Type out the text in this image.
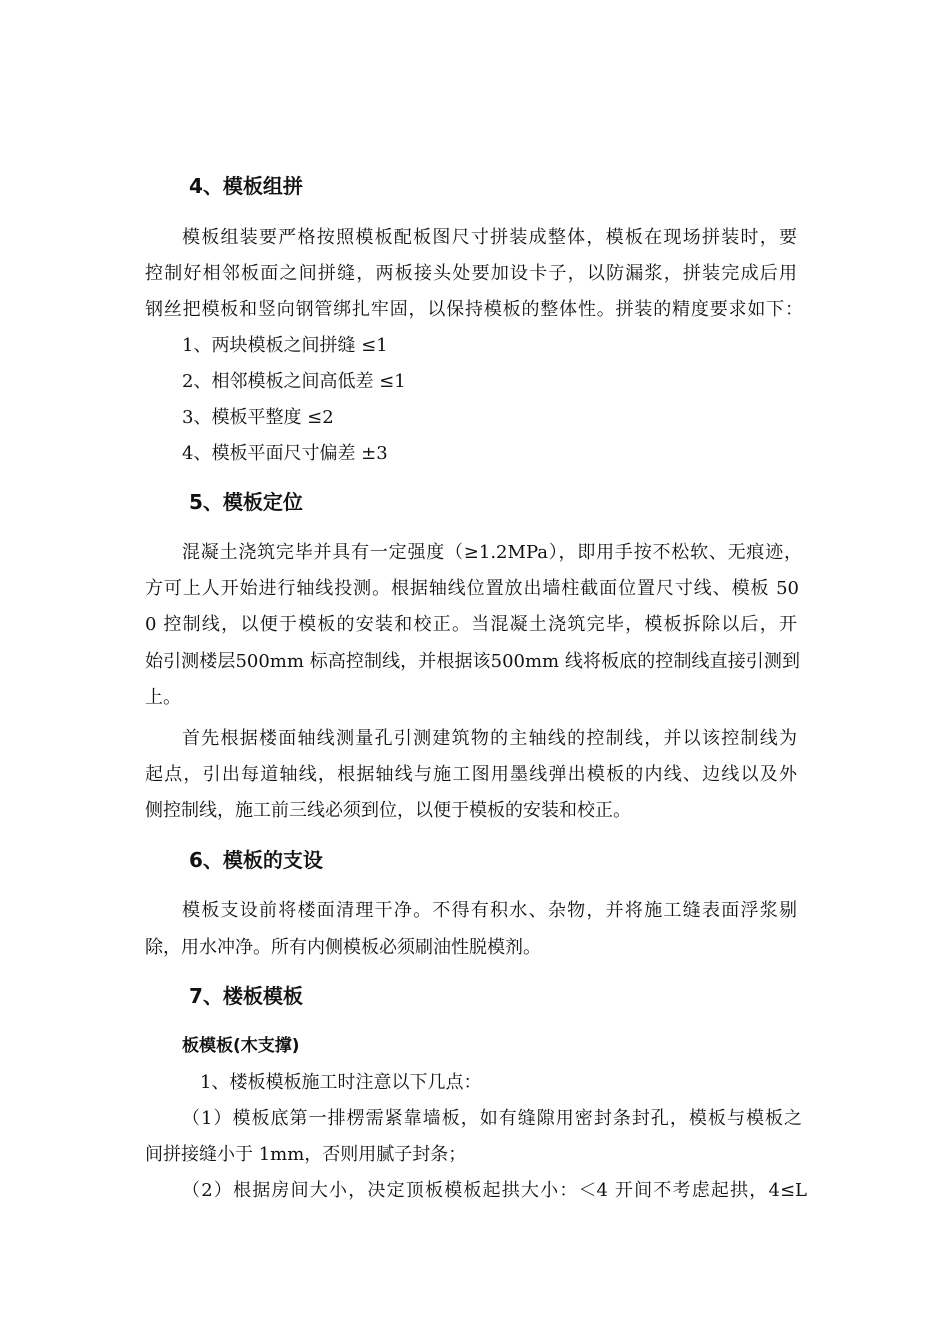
4、模板组拼
模板组装要严格按照模板配板图尺寸拼装成整体，模板在现场拼装时，要
控制好相邻板面之间拼缝，两板接头处要加设卡子，以防漏浆，拼装完成后用
钢丝把模板和竖向钢管绑扎牢固，以保持模板的整体性。拼装的精度要求如下：
1、两块模板之间拼缝 ≤1
2、相邻模板之间高低差 ≤1
3、模板平整度 ≤2
4、模板平面尺寸偏差 ±3
5、模板定位
混凝土浇筑完毕并具有一定强度（≥1.2MPa），即用手按不松软、无痕迹，
方可上人开始进行轴线投测。根据轴线位置放出墙柱截面位置尺寸线、模板 50
0 控制线，以便于模板的安装和校正。当混凝土浇筑完毕，模板拆除以后，开
始引测楼层500mm 标高控制线，并根据该500mm 线将板底的控制线直接引测到
上。
首先根据楼面轴线测量孔引测建筑物的主轴线的控制线，并以该控制线为
起点，引出每道轴线，根据轴线与施工图用墨线弹出模板的内线、边线以及外
侧控制线，施工前三线必须到位，以便于模板的安装和校正。
6、模板的支设
模板支设前将楼面清理干净。不得有积水、杂物，并将施工缝表面浮浆剔
除，用水冲净。所有内侧模板必须刷油性脱模剂。
7、楼板模板
板模板(木支撑)
1、楼板模板施工时注意以下几点：
（1）模板底第一排楞需紧靠墙板，如有缝隙用密封条封孔，模板与模板之
间拼接缝小于 1mm，否则用腻子封条；
（2）根据房间大小，决定顶板模板起拱大小：＜4 开间不考虑起拱，4≤L
